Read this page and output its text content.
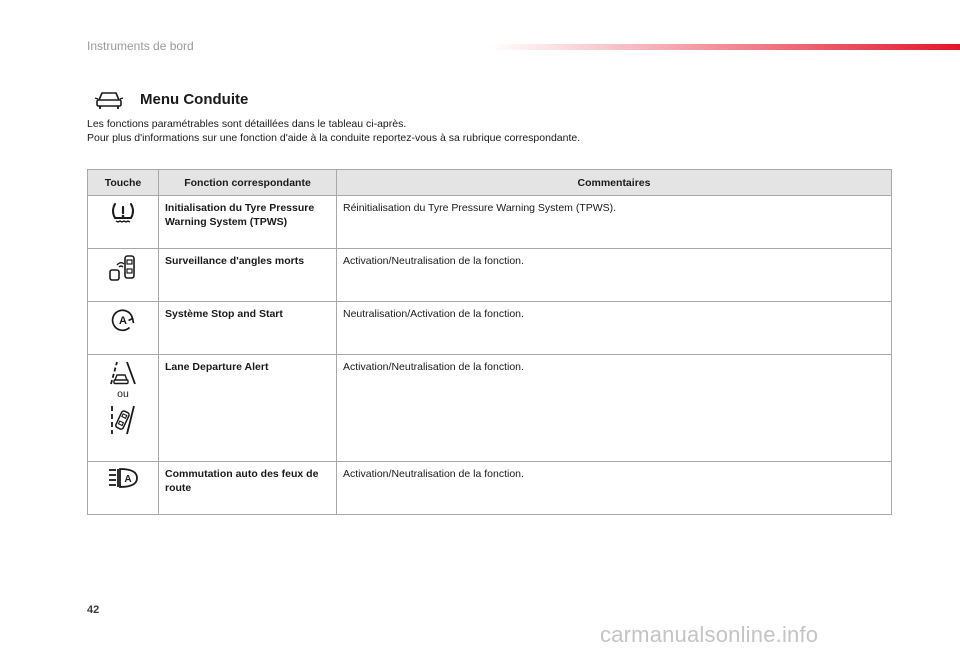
Instruments de bord
Menu Conduite
Les fonctions paramétrables sont détaillées dans le tableau ci-après.
Pour plus d'informations sur une fonction d'aide à la conduite reportez-vous à sa rubrique correspondante.
Touche	Fonction correspondante	Commentaires

	Initialisation du Tyre Pressure Warning System (TPWS)	Réinitialisation du Tyre Pressure Warning System (TPWS).

	Surveillance d'angles morts	Activation/Neutralisation de la fonction.

A	Système Stop and Start	Neutralisation/Activation de la fonction.

ou	Lane Departure Alert	Activation/Neutralisation de la fonction.

A	Commutation auto des feux de route	Activation/Neutralisation de la fonction.
42
carmanualsonline.info
